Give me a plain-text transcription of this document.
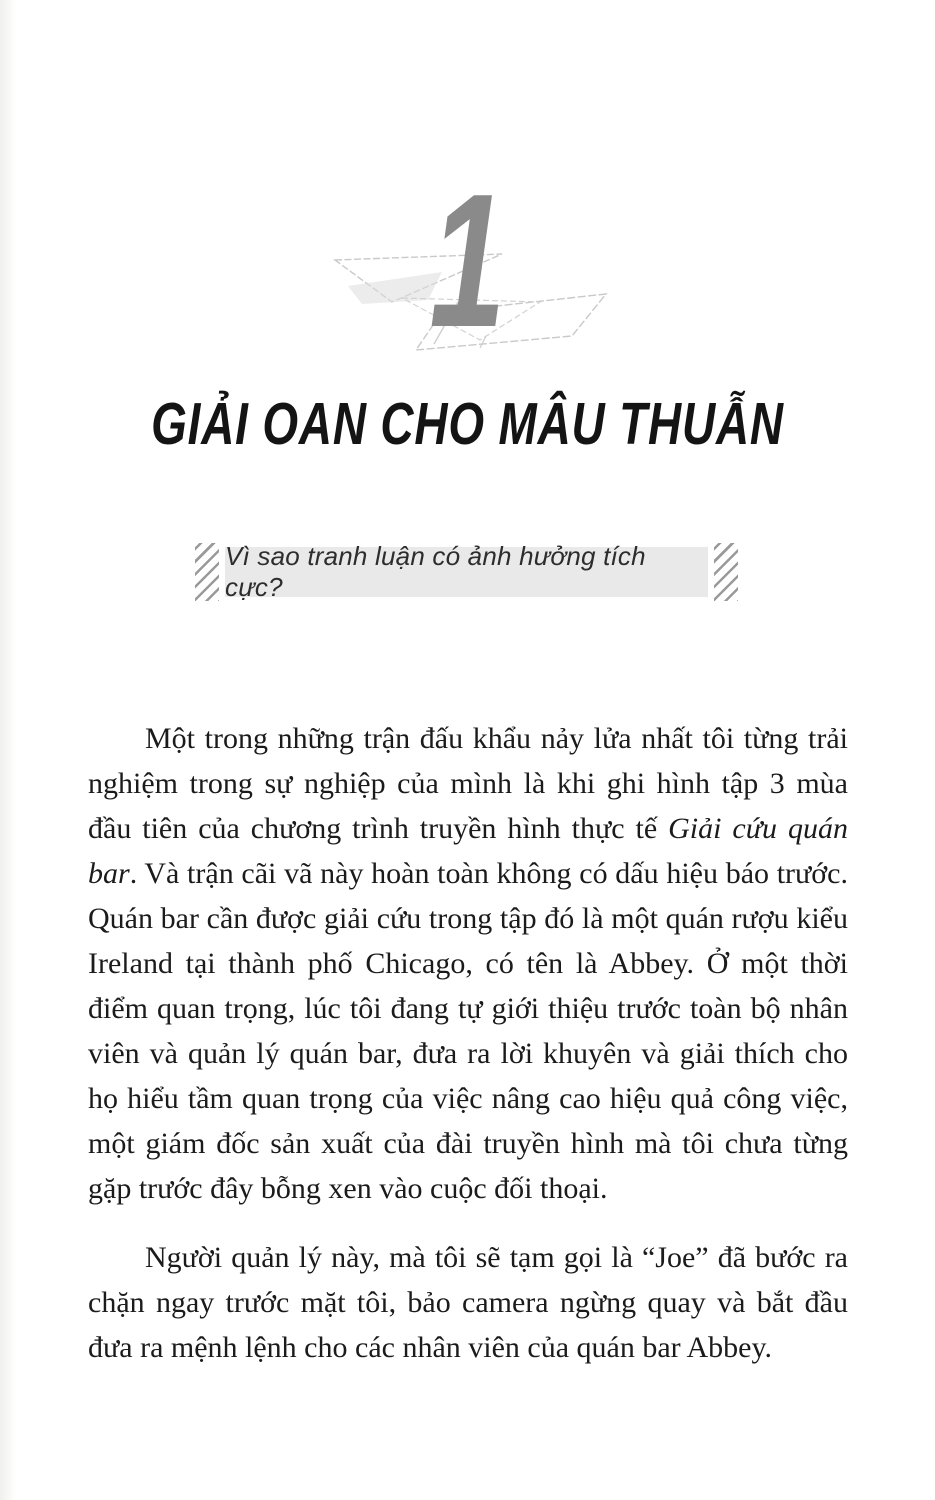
1
GIẢI OAN CHO MÂU THUẪN
Vì sao tranh luận có ảnh hưởng tích cực?

Một trong những trận đấu khẩu nảy lửa nhất tôi từng trải nghiệm trong sự nghiệp của mình là khi ghi hình tập 3 mùa đầu tiên của chương trình truyền hình thực tế Giải cứu quán bar. Và trận cãi vã này hoàn toàn không có dấu hiệu báo trước. Quán bar cần được giải cứu trong tập đó là một quán rượu kiểu Ireland tại thành phố Chicago, có tên là Abbey. Ở một thời điểm quan trọng, lúc tôi đang tự giới thiệu trước toàn bộ nhân viên và quản lý quán bar, đưa ra lời khuyên và giải thích cho họ hiểu tầm quan trọng của việc nâng cao hiệu quả công việc, một giám đốc sản xuất của đài truyền hình mà tôi chưa từng gặp trước đây bỗng xen vào cuộc đối thoại.

Người quản lý này, mà tôi sẽ tạm gọi là “Joe” đã bước ra chặn ngay trước mặt tôi, bảo camera ngừng quay và bắt đầu đưa ra mệnh lệnh cho các nhân viên của quán bar Abbey.
